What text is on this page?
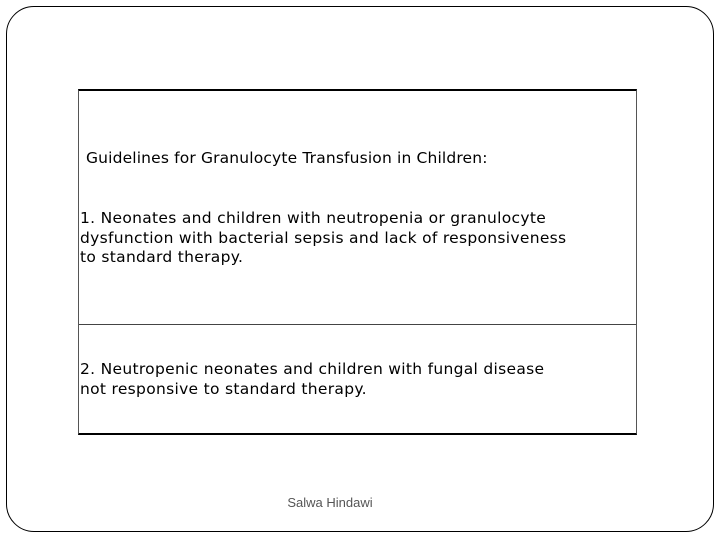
Guidelines for Granulocyte Transfusion in Children:
1. Neonates and children with neutropenia or granulocyte
dysfunction with bacterial sepsis and lack of responsiveness
to standard therapy.
2. Neutropenic neonates and children with fungal disease
not responsive to standard therapy.
Salwa Hindawi
